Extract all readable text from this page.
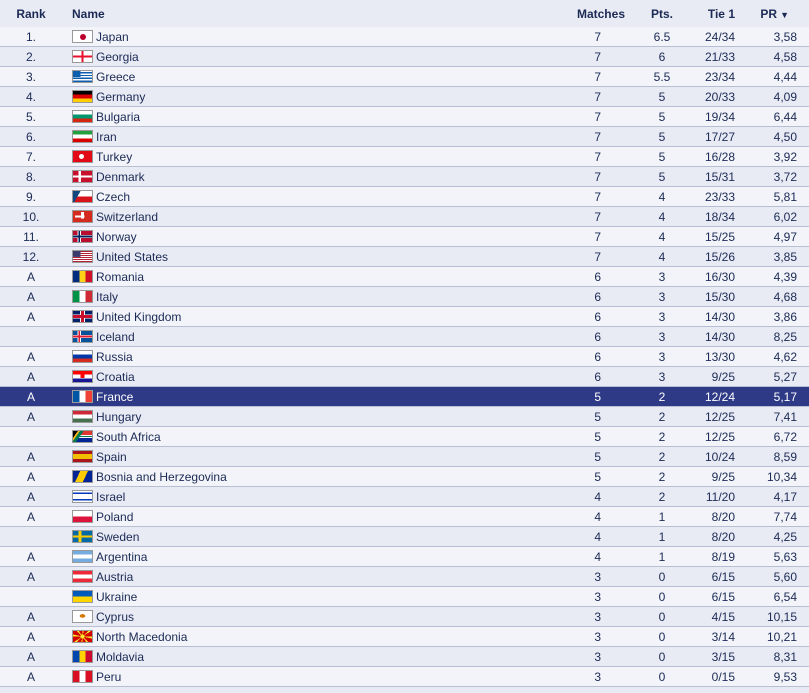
Rank	Name	Matches	Pts.	Tie 1	PR ▼
1.	Japan	7	6.5	24/34	3,58
2.	Georgia	7	6	21/33	4,58
3.	Greece	7	5.5	23/34	4,44
4.	Germany	7	5	20/33	4,09
5.	Bulgaria	7	5	19/34	6,44
6.	Iran	7	5	17/27	4,50
7.	Turkey	7	5	16/28	3,92
8.	Denmark	7	5	15/31	3,72
9.	Czech	7	4	23/33	5,81
10.	Switzerland	7	4	18/34	6,02
11.	Norway	7	4	15/25	4,97
12.	United States	7	4	15/26	3,85
A	Romania	6	3	16/30	4,39
A	Italy	6	3	15/30	4,68
A	United Kingdom	6	3	14/30	3,86
	Iceland	6	3	14/30	8,25
A	Russia	6	3	13/30	4,62
A	Croatia	6	3	9/25	5,27
A	France	5	2	12/24	5,17
A	Hungary	5	2	12/25	7,41
	South Africa	5	2	12/25	6,72
A	Spain	5	2	10/24	8,59
A	Bosnia and Herzegovina	5	2	9/25	10,34
A	Israel	4	2	11/20	4,17
A	Poland	4	1	8/20	7,74
	Sweden	4	1	8/20	4,25
A	Argentina	4	1	8/19	5,63
A	Austria	3	0	6/15	5,60
	Ukraine	3	0	6/15	6,54
A	Cyprus	3	0	4/15	10,15
A	North Macedonia	3	0	3/14	10,21
A	Moldavia	3	0	3/15	8,31
A	Peru	3	0	0/15	9,53
